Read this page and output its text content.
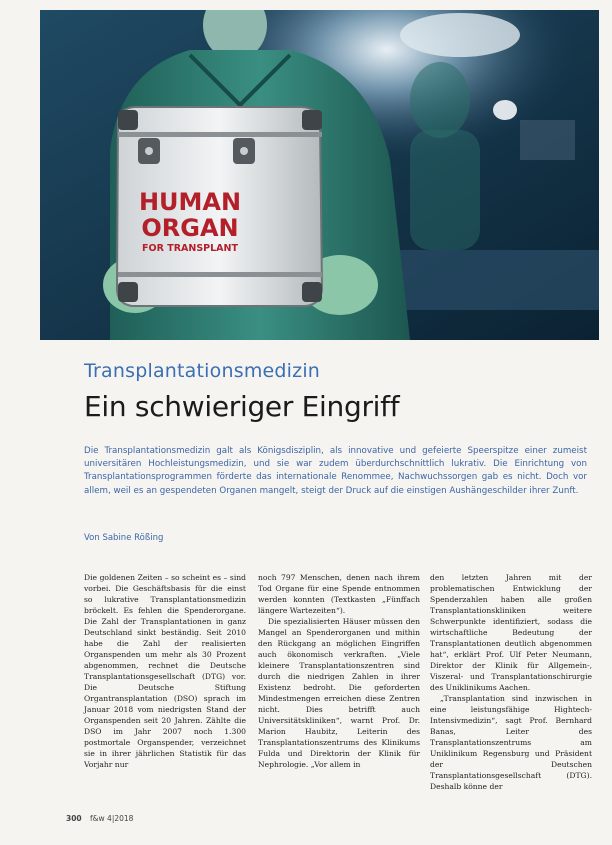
HUMAN
ORGAN
FOR TRANSPLANT
Transplantationsmedizin
Ein schwieriger Eingriff
Die Transplantationsmedizin galt als Königsdisziplin, als innovative und gefeierte Speerspitze einer zumeist universitären Hochleistungsmedizin, und sie war zudem überdurchschnittlich lukrativ. Die Einrichtung von Transplantationsprogrammen förderte das internationale Renommee, Nachwuchssorgen gab es nicht. Doch vor allem, weil es an gespendeten Organen mangelt, steigt der Druck auf die einstigen Aushängeschilder ihrer Zunft.
Von Sabine Rößing

Die goldenen Zeiten – so scheint es – sind vorbei. Die Geschäftsbasis für die einst so lukrative Transplantationsmedizin bröckelt. Es fehlen die Spenderorgane. Die Zahl der Transplantationen in ganz Deutschland sinkt beständig. Seit 2010 habe die Zahl der realisierten Organspenden um mehr als 30 Prozent abgenommen, rechnet die Deutsche Transplantationsgesellschaft (DTG) vor. Die Deutsche Stiftung Organtransplantation (DSO) sprach im Januar 2018 vom niedrigsten Stand der Organspenden seit 20 Jahren. Zählte die DSO im Jahr 2007 noch 1.300 postmortale Organspender, verzeichnet sie in ihrer jährlichen Statistik für das Vorjahr nur

noch 797 Menschen, denen nach ihrem Tod Organe für eine Spende entnommen werden konnten (Textkasten „Fünffach längere Wartezeiten“).

Die spezialisierten Häuser müssen den Mangel an Spenderorganen und mithin den Rückgang an möglichen Eingriffen auch ökonomisch verkraften. „Viele kleinere Transplantationszentren sind durch die niedrigen Zahlen in ihrer Existenz bedroht. Die geforderten Mindestmengen erreichen diese Zentren nicht. Dies betrifft auch Universitätskliniken“, warnt Prof. Dr. Marion Haubitz, Leiterin des Transplantationszentrums des Klinikums Fulda und Direktorin der Klinik für Nephrologie. „Vor allem in

den letzten Jahren mit der problematischen Entwicklung der Spenderzahlen haben alle großen Transplantationskliniken weitere Schwerpunkte identifiziert, sodass die wirtschaftliche Bedeutung der Transplantationen deutlich abgenommen hat“, erklärt Prof. Ulf Peter Neumann, Direktor der Klinik für Allgemein-, Viszeral- und Transplantationschirurgie des Uniklinikums Aachen.

„Transplantation sind inzwischen in eine leistungsfähige Hightech-Intensivmedizin“, sagt Prof. Bernhard Banas, Leiter des Transplantationszentrums am Uniklinikum Regensburg und Präsident der Deutschen Transplantationsgesellschaft (DTG). Deshalb könne der

300 f&w 4|2018
